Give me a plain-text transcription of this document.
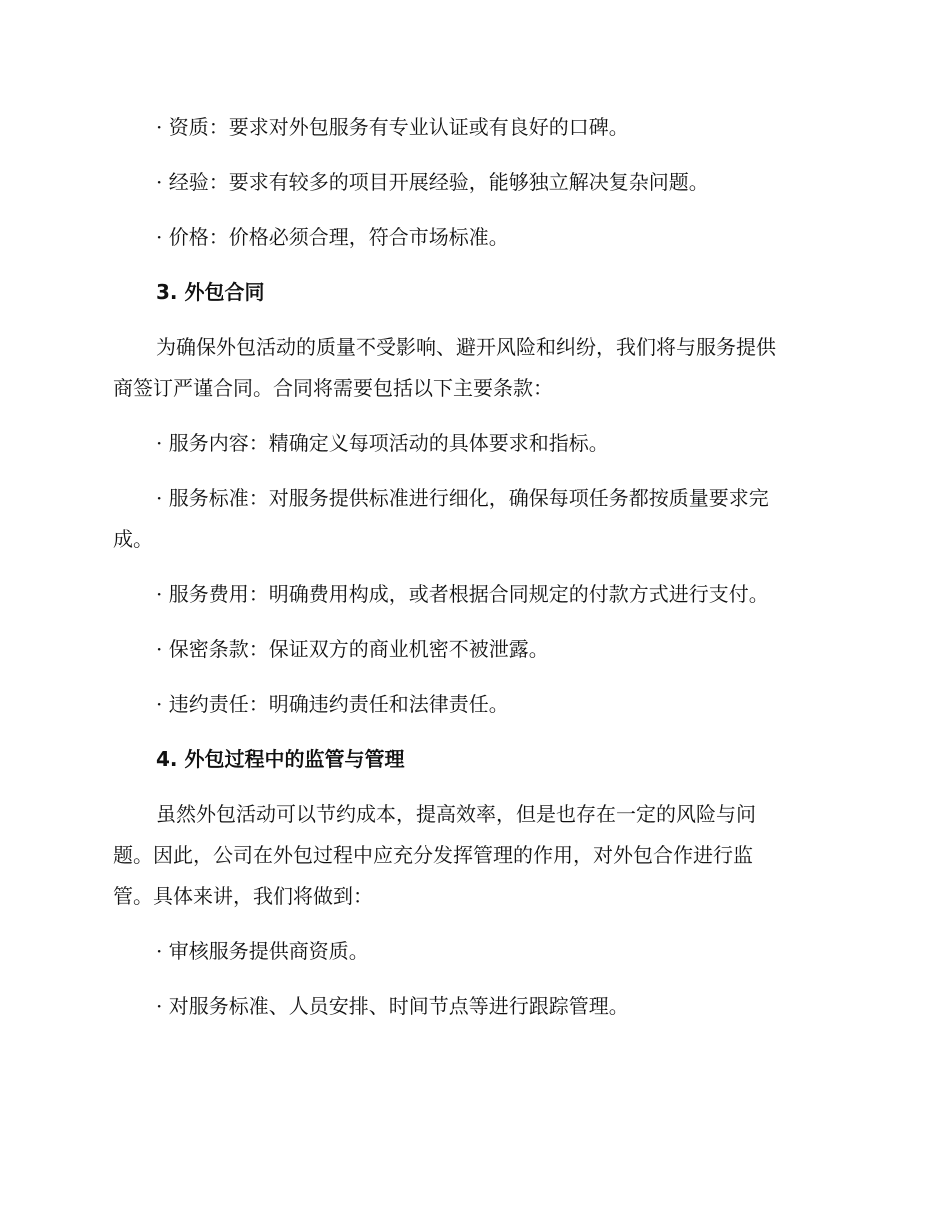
· 资质：要求对外包服务有专业认证或有良好的口碑。
· 经验：要求有较多的项目开展经验，能够独立解决复杂问题。
· 价格：价格必须合理，符合市场标准。
3. 外包合同
为确保外包活动的质量不受影响、避开风险和纠纷，我们将与服务提供
商签订严谨合同。合同将需要包括以下主要条款：
· 服务内容：精确定义每项活动的具体要求和指标。
· 服务标准：对服务提供标准进行细化，确保每项任务都按质量要求完
成。
· 服务费用：明确费用构成，或者根据合同规定的付款方式进行支付。
· 保密条款：保证双方的商业机密不被泄露。
· 违约责任：明确违约责任和法律责任。
4. 外包过程中的监管与管理
虽然外包活动可以节约成本，提高效率，但是也存在一定的风险与问
题。因此，公司在外包过程中应充分发挥管理的作用，对外包合作进行监
管。具体来讲，我们将做到：
· 审核服务提供商资质。
· 对服务标准、人员安排、时间节点等进行跟踪管理。
